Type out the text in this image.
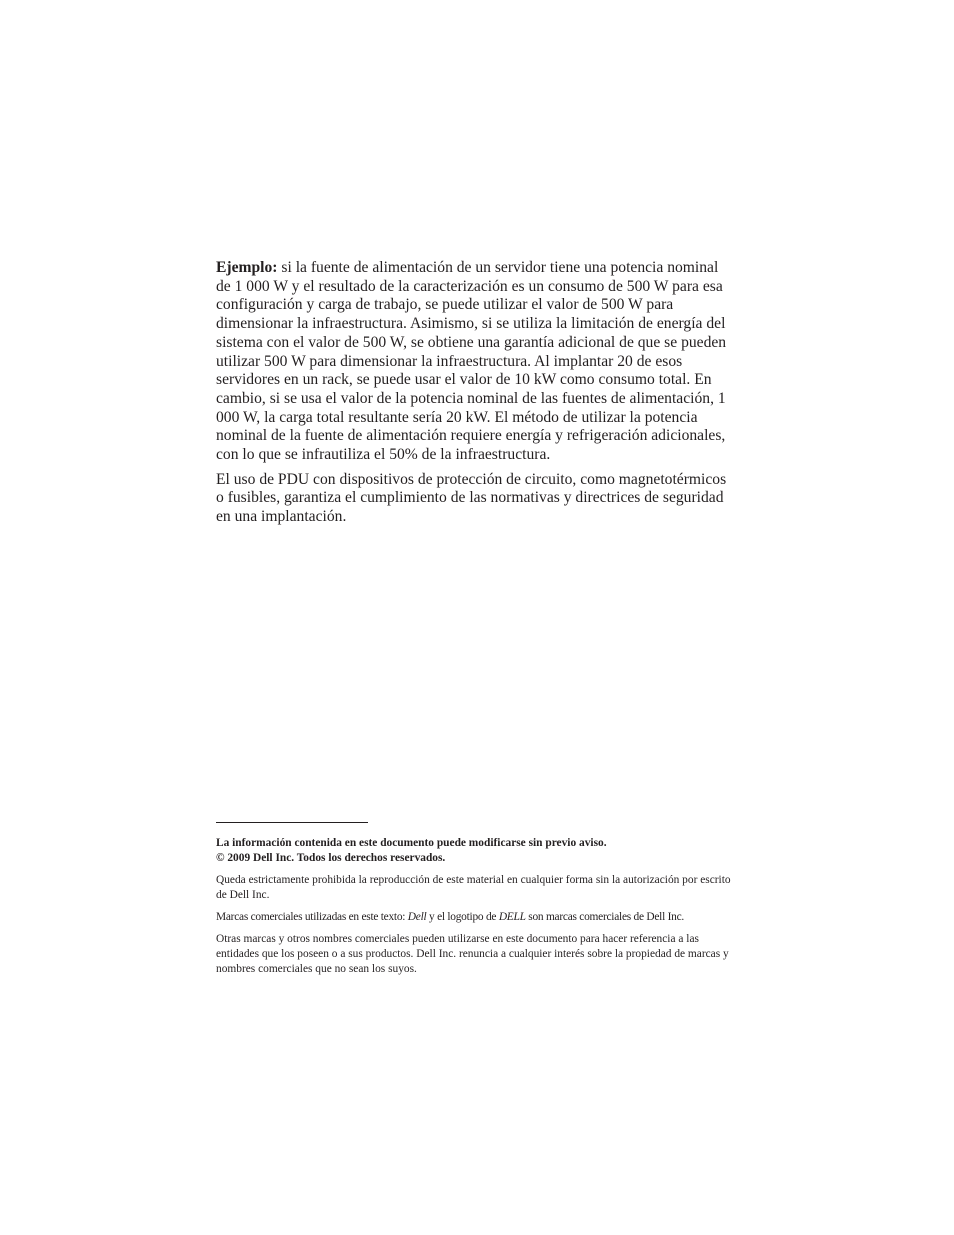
Ejemplo: si la fuente de alimentación de un servidor tiene una potencia nominal de 1 000 W y el resultado de la caracterización es un consumo de 500 W para esa configuración y carga de trabajo, se puede utilizar el valor de 500 W para dimensionar la infraestructura. Asimismo, si se utiliza la limitación de energía del sistema con el valor de 500 W, se obtiene una garantía adicional de que se pueden utilizar 500 W para dimensionar la infraestructura. Al implantar 20 de esos servidores en un rack, se puede usar el valor de 10 kW como consumo total. En cambio, si se usa el valor de la potencia nominal de las fuentes de alimentación, 1 000 W, la carga total resultante sería 20 kW. El método de utilizar la potencia nominal de la fuente de alimentación requiere energía y refrigeración adicionales, con lo que se infrautiliza el 50% de la infraestructura.

El uso de PDU con dispositivos de protección de circuito, como magnetotérmicos o fusibles, garantiza el cumplimiento de las normativas y directrices de seguridad en una implantación.

La información contenida en este documento puede modificarse sin previo aviso.

© 2009 Dell Inc. Todos los derechos reservados.

Queda estrictamente prohibida la reproducción de este material en cualquier forma sin la autorización por escrito de Dell Inc.

Marcas comerciales utilizadas en este texto: Dell y el logotipo de DELL son marcas comerciales de Dell Inc.

Otras marcas y otros nombres comerciales pueden utilizarse en este documento para hacer referencia a las entidades que los poseen o a sus productos. Dell Inc. renuncia a cualquier interés sobre la propiedad de marcas y nombres comerciales que no sean los suyos.
